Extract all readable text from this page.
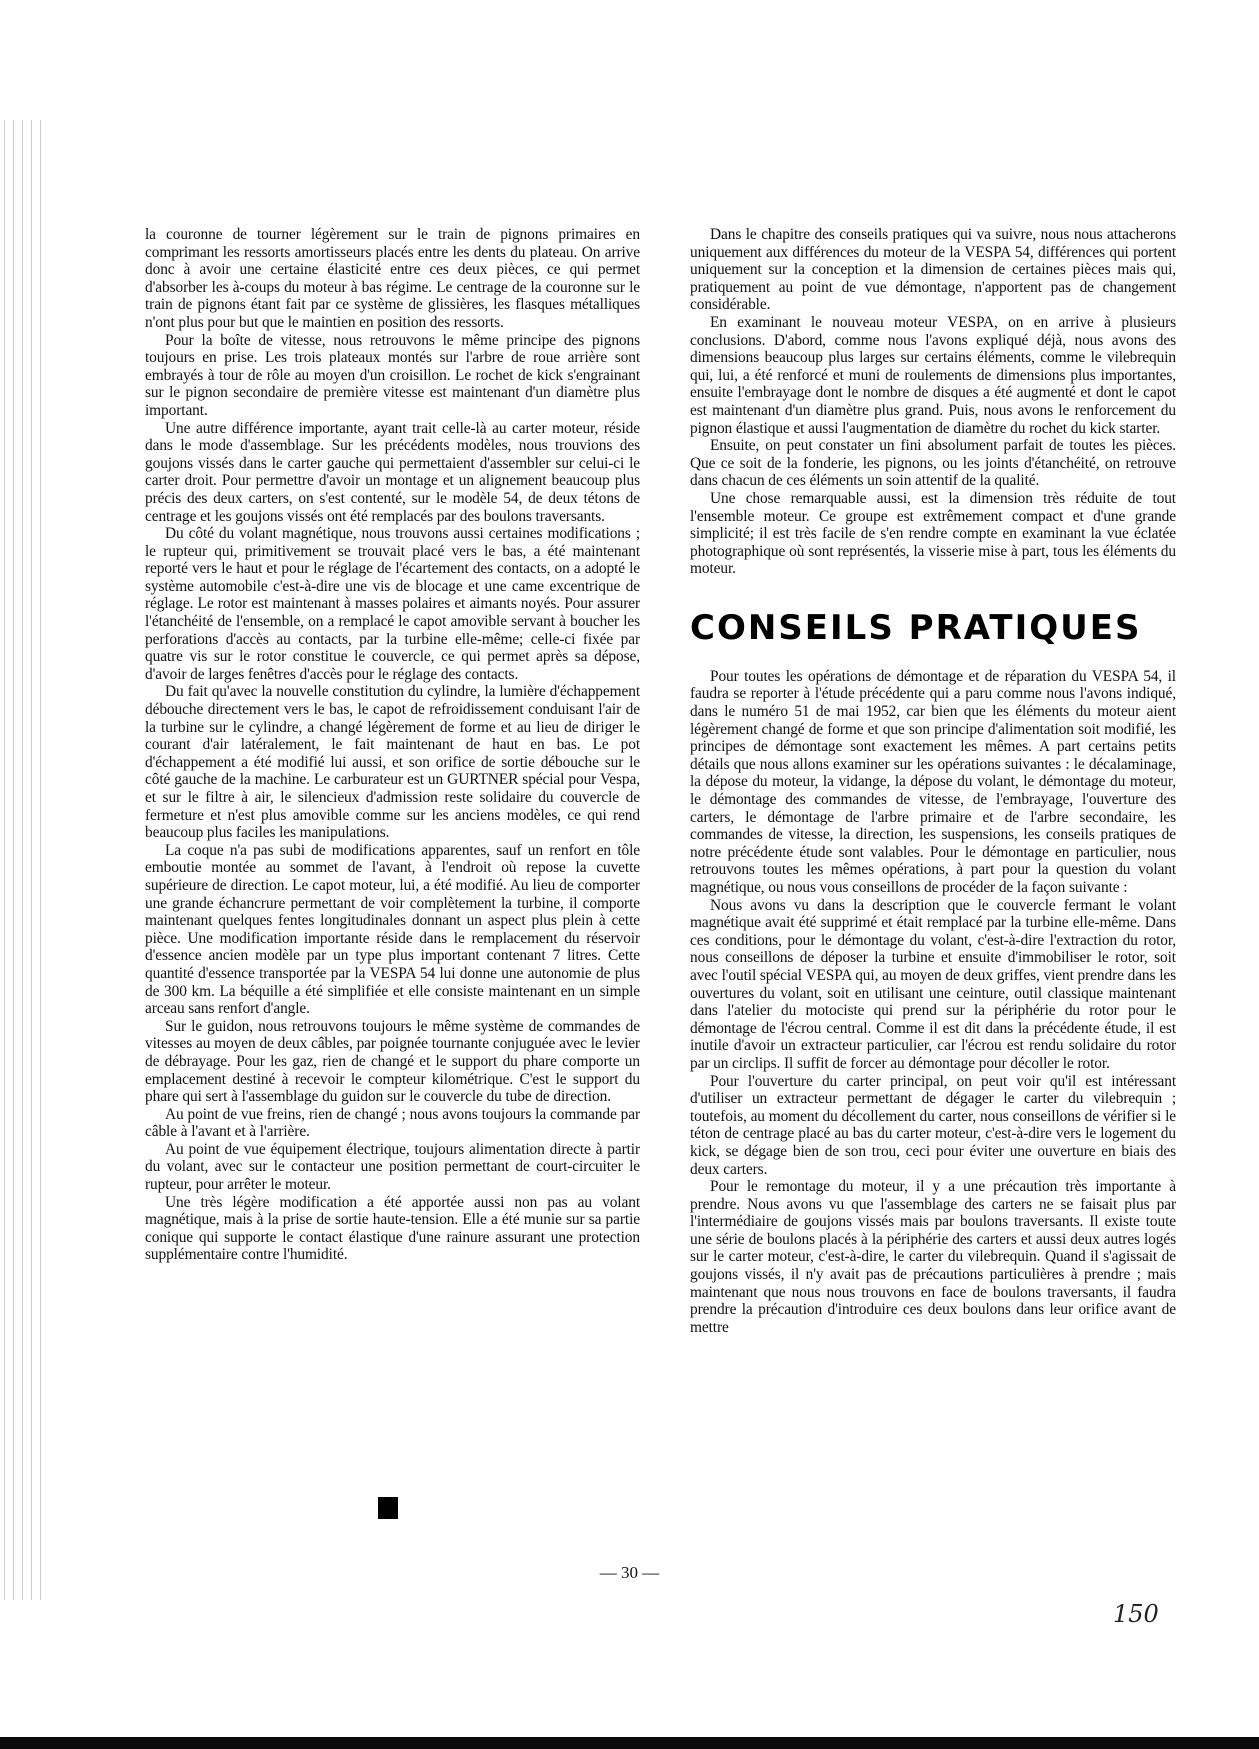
la couronne de tourner légèrement sur le train de pignons primaires en comprimant les ressorts amortisseurs placés entre les dents du plateau. On arrive donc à avoir une certaine élasticité entre ces deux pièces, ce qui permet d'absorber les à-coups du moteur à bas régime. Le centrage de la couronne sur le train de pignons étant fait par ce système de glissières, les flasques métalliques n'ont plus pour but que le maintien en position des ressorts.

Pour la boîte de vitesse, nous retrouvons le même principe des pignons toujours en prise. Les trois plateaux montés sur l'arbre de roue arrière sont embrayés à tour de rôle au moyen d'un croisillon. Le rochet de kick s'engrainant sur le pignon secondaire de première vitesse est maintenant d'un diamètre plus important.

Une autre différence importante, ayant trait celle-là au carter moteur, réside dans le mode d'assemblage. Sur les précédents modèles, nous trouvions des goujons vissés dans le carter gauche qui permettaient d'assembler sur celui-ci le carter droit. Pour permettre d'avoir un montage et un alignement beaucoup plus précis des deux carters, on s'est contenté, sur le modèle 54, de deux tétons de centrage et les goujons vissés ont été remplacés par des boulons traversants.

Du côté du volant magnétique, nous trouvons aussi certaines modifications ; le rupteur qui, primitivement se trouvait placé vers le bas, a été maintenant reporté vers le haut et pour le réglage de l'écartement des contacts, on a adopté le système automobile c'est-à-dire une vis de blocage et une came excentrique de réglage. Le rotor est maintenant à masses polaires et aimants noyés. Pour assurer l'étanchéité de l'ensemble, on a remplacé le capot amovible servant à boucher les perforations d'accès au contacts, par la turbine elle-même; celle-ci fixée par quatre vis sur le rotor constitue le couvercle, ce qui permet après sa dépose, d'avoir de larges fenêtres d'accès pour le réglage des contacts.

Du fait qu'avec la nouvelle constitution du cylindre, la lumière d'échappement débouche directement vers le bas, le capot de refroidissement conduisant l'air de la turbine sur le cylindre, a changé légèrement de forme et au lieu de diriger le courant d'air latéralement, le fait maintenant de haut en bas. Le pot d'échappement a été modifié lui aussi, et son orifice de sortie débouche sur le côté gauche de la machine. Le carburateur est un GURTNER spécial pour Vespa, et sur le filtre à air, le silencieux d'admission reste solidaire du couvercle de fermeture et n'est plus amovible comme sur les anciens modèles, ce qui rend beaucoup plus faciles les manipulations.

La coque n'a pas subi de modifications apparentes, sauf un renfort en tôle emboutie montée au sommet de l'avant, à l'endroit où repose la cuvette supérieure de direction. Le capot moteur, lui, a été modifié. Au lieu de comporter une grande échancrure permettant de voir complètement la turbine, il comporte maintenant quelques fentes longitudinales donnant un aspect plus plein à cette pièce. Une modification importante réside dans le remplacement du réservoir d'essence ancien modèle par un type plus important contenant 7 litres. Cette quantité d'essence transportée par la VESPA 54 lui donne une autonomie de plus de 300 km. La béquille a été simplifiée et elle consiste maintenant en un simple arceau sans renfort d'angle.

Sur le guidon, nous retrouvons toujours le même système de commandes de vitesses au moyen de deux câbles, par poignée tournante conjuguée avec le levier de débrayage. Pour les gaz, rien de changé et le support du phare comporte un emplacement destiné à recevoir le compteur kilométrique. C'est le support du phare qui sert à l'assemblage du guidon sur le couvercle du tube de direction.

Au point de vue freins, rien de changé ; nous avons toujours la commande par câble à l'avant et à l'arrière.

Au point de vue équipement électrique, toujours alimentation directe à partir du volant, avec sur le contacteur une position permettant de court-circuiter le rupteur, pour arrêter le moteur.

Une très légère modification a été apportée aussi non pas au volant magnétique, mais à la prise de sortie haute-tension. Elle a été munie sur sa partie conique qui supporte le contact élastique d'une rainure assurant une protection supplémentaire contre l'humidité.

Dans le chapitre des conseils pratiques qui va suivre, nous nous attacherons uniquement aux différences du moteur de la VESPA 54, différences qui portent uniquement sur la conception et la dimension de certaines pièces mais qui, pratiquement au point de vue démontage, n'apportent pas de changement considérable.

En examinant le nouveau moteur VESPA, on en arrive à plusieurs conclusions. D'abord, comme nous l'avons expliqué déjà, nous avons des dimensions beaucoup plus larges sur certains éléments, comme le vilebrequin qui, lui, a été renforcé et muni de roulements de dimensions plus importantes, ensuite l'embrayage dont le nombre de disques a été augmenté et dont le capot est maintenant d'un diamètre plus grand. Puis, nous avons le renforcement du pignon élastique et aussi l'augmentation de diamètre du rochet du kick starter.

Ensuite, on peut constater un fini absolument parfait de toutes les pièces. Que ce soit de la fonderie, les pignons, ou les joints d'étanchéité, on retrouve dans chacun de ces éléments un soin attentif de la qualité.

Une chose remarquable aussi, est la dimension très réduite de tout l'ensemble moteur. Ce groupe est extrêmement compact et d'une grande simplicité; il est très facile de s'en rendre compte en examinant la vue éclatée photographique où sont représentés, la visserie mise à part, tous les éléments du moteur.

CONSEILS PRATIQUES

Pour toutes les opérations de démontage et de réparation du VESPA 54, il faudra se reporter à l'étude précédente qui a paru comme nous l'avons indiqué, dans le numéro 51 de mai 1952, car bien que les éléments du moteur aient légèrement changé de forme et que son principe d'alimentation soit modifié, les principes de démontage sont exactement les mêmes. A part certains petits détails que nous allons examiner sur les opérations suivantes : le décalaminage, la dépose du moteur, la vidange, la dépose du volant, le démontage du moteur, le démontage des commandes de vitesse, de l'embrayage, l'ouverture des carters, le démontage de l'arbre primaire et de l'arbre secondaire, les commandes de vitesse, la direction, les suspensions, les conseils pratiques de notre précédente étude sont valables. Pour le démontage en particulier, nous retrouvons toutes les mêmes opérations, à part pour la question du volant magnétique, ou nous vous conseillons de procéder de la façon suivante :

Nous avons vu dans la description que le couvercle fermant le volant magnétique avait été supprimé et était remplacé par la turbine elle-même. Dans ces conditions, pour le démontage du volant, c'est-à-dire l'extraction du rotor, nous conseillons de déposer la turbine et ensuite d'immobiliser le rotor, soit avec l'outil spécial VESPA qui, au moyen de deux griffes, vient prendre dans les ouvertures du volant, soit en utilisant une ceinture, outil classique maintenant dans l'atelier du motociste qui prend sur la périphérie du rotor pour le démontage de l'écrou central. Comme il est dit dans la précédente étude, il est inutile d'avoir un extracteur particulier, car l'écrou est rendu solidaire du rotor par un circlips. Il suffit de forcer au démontage pour décoller le rotor.

Pour l'ouverture du carter principal, on peut voir qu'il est intéressant d'utiliser un extracteur permettant de dégager le carter du vilebrequin ; toutefois, au moment du décollement du carter, nous conseillons de vérifier si le téton de centrage placé au bas du carter moteur, c'est-à-dire vers le logement du kick, se dégage bien de son trou, ceci pour éviter une ouverture en biais des deux carters.

Pour le remontage du moteur, il y a une précaution très importante à prendre. Nous avons vu que l'assemblage des carters ne se faisait plus par l'intermédiaire de goujons vissés mais par boulons traversants. Il existe toute une série de boulons placés à la périphérie des carters et aussi deux autres logés sur le carter moteur, c'est-à-dire, le carter du vilebrequin. Quand il s'agissait de goujons vissés, il n'y avait pas de précautions particulières à prendre ; mais maintenant que nous nous trouvons en face de boulons traversants, il faudra prendre la précaution d'introduire ces deux boulons dans leur orifice avant de mettre

— 30 —
150
